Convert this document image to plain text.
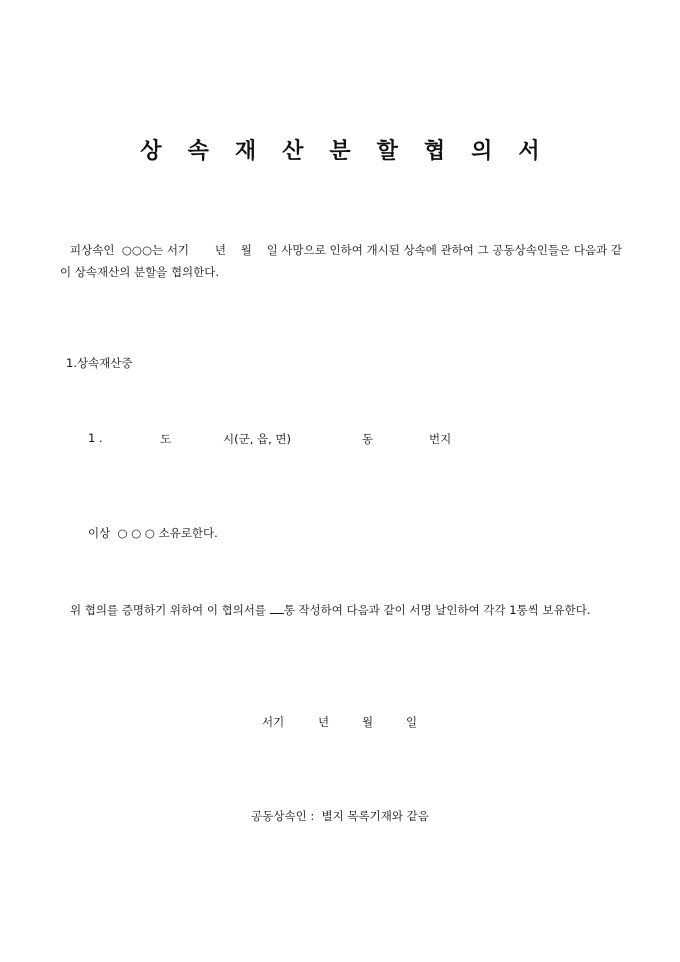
상 속 재 산 분 할 협 의 서
피상속인  ○○○는 서기       년    월    일 사망으로 인하여 개시된 상속에 관하여 그 공동상속인들은 다음과 같이 상속재산의 분할을 협의한다.
1.상속재산중

1 .

	도

	시(군, 읍, 면)

	동

	번지

이상  ○ ○ ○ 소유로한다.
위 협의를 증명하기 위하여 이 협의서를 통 작성하여 다음과 같이 서명 날인하여 각각 1통씩 보유한다.

서기

	년

	월

	일

공동상속인 :  별지 목록기재와 같음
